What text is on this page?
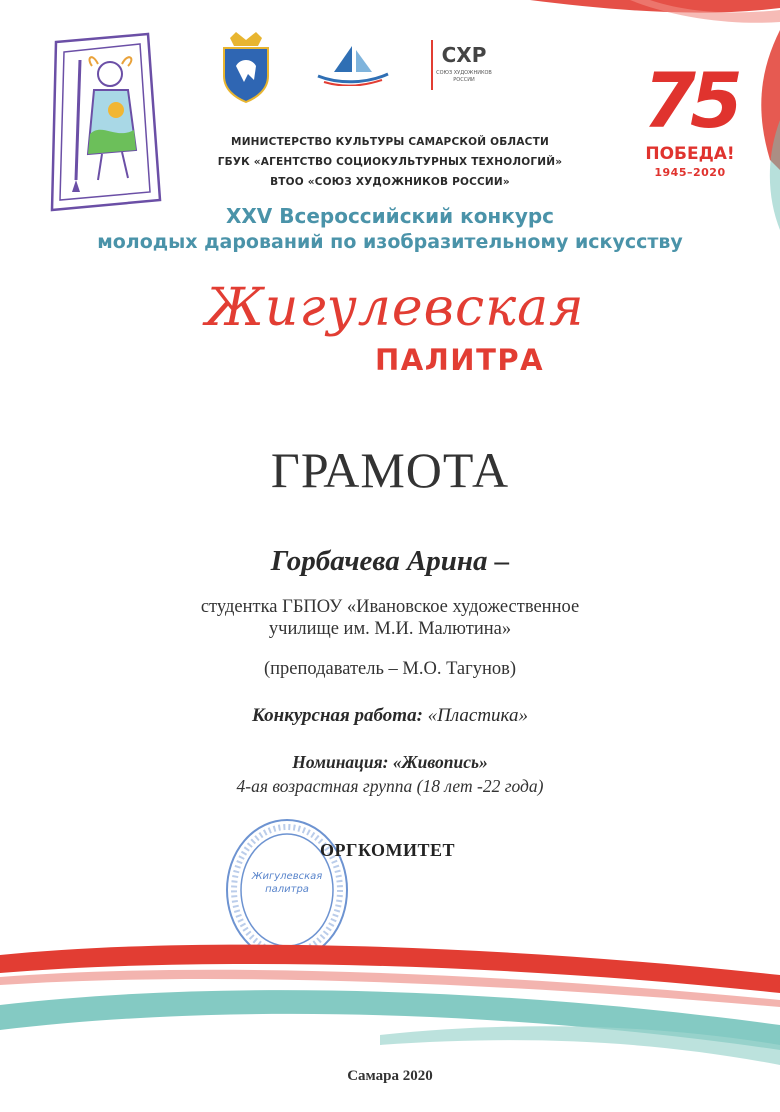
СХР
СОЮЗ ХУДОЖНИКОВ
РОССИИ 75
ПОБЕДА!
1945–2020
МИНИСТЕРСТВО КУЛЬТУРЫ САМАРСКОЙ ОБЛАСТИ
ГБУК «АГЕНТСТВО СОЦИОКУЛЬТУРНЫХ ТЕХНОЛОГИЙ»
ВТОО «СОЮЗ ХУДОЖНИКОВ РОССИИ»
XXV Всероссийский конкурс
молодых дарований по изобразительному искусству
Жигулевская
ПАЛИТРА
ГРАМОТА
Горбачева Арина –
студентка ГБПОУ «Ивановское художественное
училище им. М.И. Малютина»
(преподаватель – М.О. Тагунов)
Конкурсная работа: «Пластика»
Номинация: «Живопись»
4-ая возрастная группа (18 лет -22 года)
Жигулевская
палитра
ОРГКОМИТЕТ
Самара 2020
